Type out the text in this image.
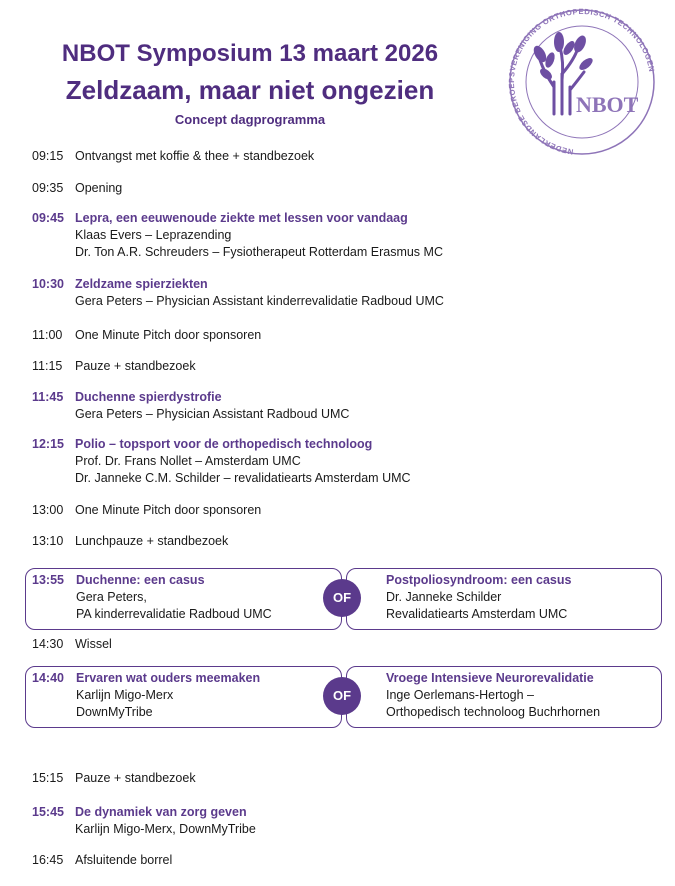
NBOT Symposium 13 maart 2026
Zeldzaam, maar niet ongezien
Concept dagprogramma
NEDERLANDSE BEROEPSVERENIGING ORTHOPEDISCH TECHNOLOGEN
NBOT
09:15 Ontvangst met koffie & thee + standbezoek
09:35 Opening
09:45 Lepra, een eeuwenoude ziekte met lessen voor vandaag
Klaas Evers – Leprazending
Dr. Ton A.R. Schreuders – Fysiotherapeut Rotterdam Erasmus MC
10:30 Zeldzame spierziekten
Gera Peters – Physician Assistant kinderrevalidatie Radboud UMC
11:00	One Minute Pitch door sponsoren
11:15	Pauze + standbezoek
11:45 Duchenne spierdystrofie
Gera Peters – Physician Assistant Radboud UMC
12:15 Polio – topsport voor de orthopedisch technoloog
Prof. Dr. Frans Nollet – Amsterdam UMC
Dr. Janneke C.M. Schilder – revalidatiearts Amsterdam UMC
13:00 One Minute Pitch door sponsoren
13:10 Lunchpauze + standbezoek
14:30 Wissel
15:15 Pauze + standbezoek
15:45 De dynamiek van zorg geven
Karlijn Migo-Merx, DownMyTribe
16:45 Afsluitende borrel
13:55 Duchenne: een casus
Gera Peters,
PA kinderrevalidatie Radboud UMC
Postpoliosyndroom: een casus
Dr. Janneke Schilder
Revalidatiearts Amsterdam UMC
OF
14:40 Ervaren wat ouders meemaken
Karlijn Migo-Merx
DownMyTribe
Vroege Intensieve Neurorevalidatie
Inge Oerlemans-Hertogh –
Orthopedisch technoloog Buchrhornen
OF
